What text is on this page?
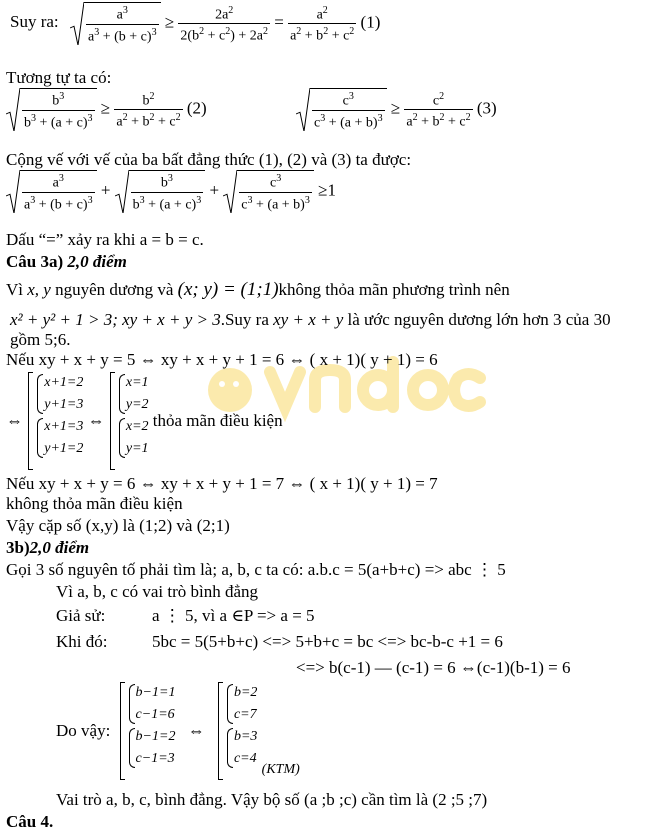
Suy ra: $\frac{a^3}{a^3 + (b + c)^3} \ge \frac{2a^2}{2(b^2 + c^2) + 2a^2} = \frac{a^2}{a^2 + b^2 + c^2} (1)$
Tương tự ta có:
$\frac{b^3}{b^3 + (a + c)^3} \ge \frac{b^2}{a^2 + b^2 + c^2} (2)$	$\frac{c^3}{c^3 + (a + b)^3} \ge \frac{c^2}{a^2 + b^2 + c^2} (3)$
Cộng vế với vế của ba bất đẳng thức (1), (2) và (3) ta được:
$\frac{a^3}{a^3 + (b + c)^3} + \frac{b^3}{b^3 + (a + c)^3} + \frac{c^3}{c^3 + (a + b)^3} \ge 1$
Dấu “=” xảy ra khi a = b = c.
Câu 3a) 2,0 điểm
Vì x, y nguyên dương và (x; y) = (1;1)không thỏa mãn phương trình nên
x² + y² + 1 > 3; xy + x + y > 3.Suy ra xy + x + y là ước nguyên dương lớn hơn 3 của 30
gồm 5;6.
Nếu xy + x + y = 5 ⇔ xy + x + y + 1 = 6 ⇔ ( x + 1)( y + 1) = 6
⇔
x+1=2
y+1=3
x+1=3
y+1=2
⇔
x=1
y=2
x=2
y=1
thỏa mãn điều kiện
Nếu xy + x + y = 6 ⇔ xy + x + y + 1 = 7 ⇔ ( x + 1)( y + 1) = 7
không thỏa mãn điều kiện
Vậy cặp số (x,y) là (1;2) và (2;1)
3b)2,0 điểm
Gọi 3 số nguyên tố phải tìm là; a, b, c ta có: a.b.c = 5(a+b+c) => abc ⋮ 5
Vì a, b, c có vai trò bình đẳng
Giả sử:	a ⋮ 5, vì a ∈P => a = 5
Khi đó:	5bc = 5(5+b+c) <=> 5+b+c = bc <=> bc-b-c +1 = 6
<=> b(c-1) — (c-1) = 6 ⇔(c-1)(b-1) = 6
Do vậy:
b−1=1
c−1=6
b−1=2
c−1=3
⇔
b=2
c=7
b=3
c=4
(KTM)
Vai trò a, b, c, bình đẳng. Vậy bộ số (a ;b ;c) cần tìm là (2 ;5 ;7)
Câu 4.
